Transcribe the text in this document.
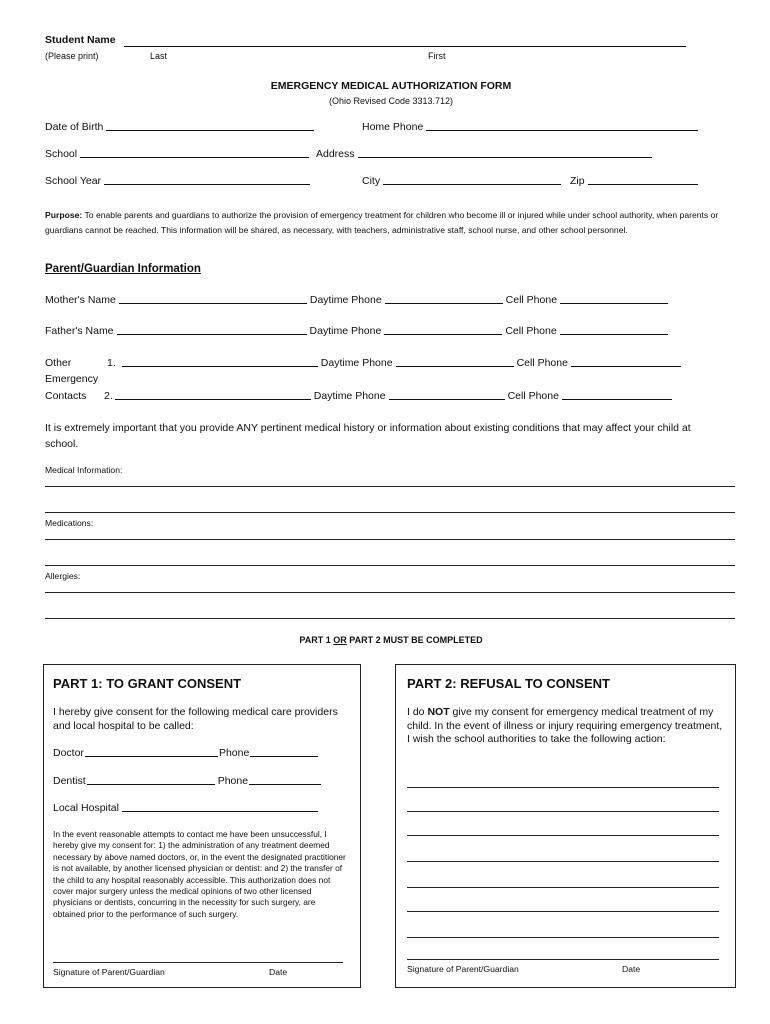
Student Name
(Please print)	Last	First
EMERGENCY MEDICAL AUTHORIZATION FORM
(Ohio Revised Code 3313.712)
Date of Birth	Home Phone
School	Address
School Year	City	Zip
Purpose: To enable parents and guardians to authorize the provision of emergency treatment for children who become ill or injured while under school authority, when parents or guardians cannot be reached. This information will be shared, as necessary, with teachers, administrative staff, school nurse, and other school personnel.
Parent/Guardian Information
Mother's Name	Daytime Phone	Cell Phone
Father's Name	Daytime Phone	Cell Phone
Other
Emergency
Contacts
1.	Daytime Phone	Cell Phone
2.	Daytime Phone	Cell Phone
It is extremely important that you provide ANY pertinent medical history or information about existing conditions that may affect your child at school.
Medical Information:
Medications:
Allergies:
PART 1 OR PART 2 MUST BE COMPLETED
PART 1: TO GRANT CONSENT
I hereby give consent for the following medical care providers and local hospital to be called:
Doctor	Phone
Dentist	Phone
Local Hospital
In the event reasonable attempts to contact me have been unsuccessful, I hereby give my consent for: 1) the administration of any treatment deemed necessary by above named doctors, or, in the event the designated practitioner is not available, by another licensed physician or dentist: and 2) the transfer of the child to any hospital reasonably accessible. This authorization does not cover major surgery unless the medical opinions of two other licensed physicians or dentists, concurring in the necessity for such surgery, are obtained prior to the performance of such surgery.
Signature of Parent/Guardian	Date
PART 2: REFUSAL TO CONSENT
I do NOT give my consent for emergency medical treatment of my child. In the event of illness or injury requiring emergency treatment, I wish the school authorities to take the following action:
Signature of Parent/Guardian	Date
